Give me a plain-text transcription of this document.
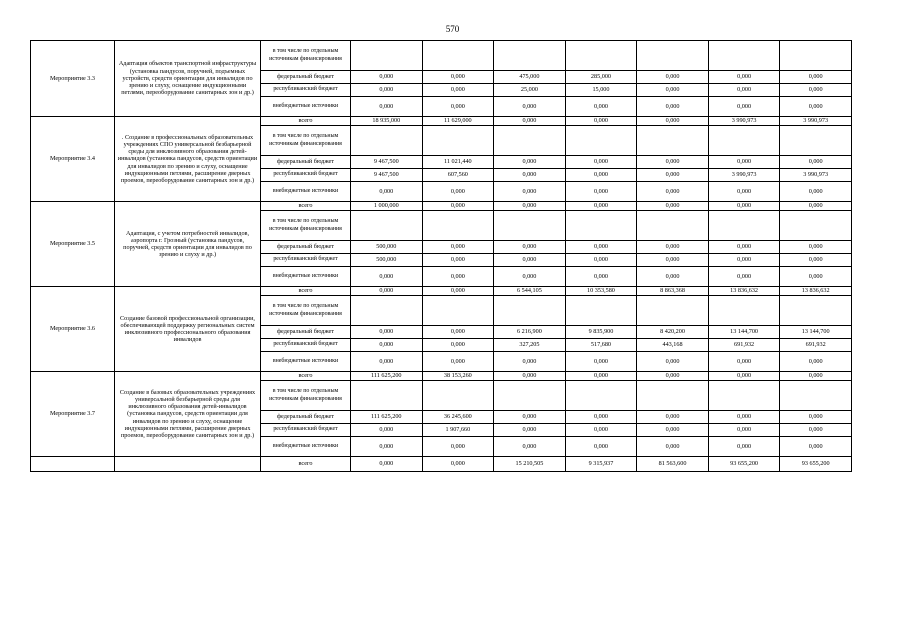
570
Мероприятие 3.3	Адаптация объектов транспортной инфраструктуры (установка пандусов, поручней, подъемных устройств, средств ориентации для инвалидов по зрению и слуху, оснащение индукционными петлями, переоборудование санитарных зон и др.)	в том числе по отдельным источникам финансирования							
		федеральный бюджет	0,000	0,000	475,000	285,000	0,000	0,000	0,000
		республиканский бюджет	0,000	0,000	25,000	15,000	0,000	0,000	0,000
		внебюджетные источники	0,000	0,000	0,000	0,000	0,000	0,000	0,000
Мероприятие 3.4	. Создание в профессиональных образовательных учреждениях СПО универсальной безбарьерной среды для инклюзивного образования детей-инвалидов (установка пандусов, средств ориентации для инвалидов по зрению и слуху, оснащение индукционными петлями, расширение дверных проемов, переоборудование санитарных зон и др.)	всего	18 935,000	11 629,000	0,000	0,000	0,000	3 990,973	3 990,973
		в том числе по отдельным источникам финансирования							
		федеральный бюджет	9 467,500	11 021,440	0,000	0,000	0,000	0,000	0,000
		республиканский бюджет	9 467,500	607,560	0,000	0,000	0,000	3 990,973	3 990,973
		внебюджетные источники	0,000	0,000	0,000	0,000	0,000	0,000	0,000
Мероприятие 3.5	Адаптация, с учетом потребностей инвалидов, аэропорта г. Грозный (установка пандусов, поручней, средств ориентации для инвалидов по зрению и слуху и др.)	всего	1 000,000	0,000	0,000	0,000	0,000	0,000	0,000
		в том числе по отдельным источникам финансирования							
		федеральный бюджет	500,000	0,000	0,000	0,000	0,000	0,000	0,000
		республиканский бюджет	500,000	0,000	0,000	0,000	0,000	0,000	0,000
		внебюджетные источники	0,000	0,000	0,000	0,000	0,000	0,000	0,000
Мероприятие 3.6	Создание базовой профессиональной организации, обеспечивающей поддержку региональных систем инклюзивного профессионального образования инвалидов	всего	0,000	0,000	6 544,105	10 353,580	8 863,368	13 836,632	13 836,632
		в том числе по отдельным источникам финансирования							
		федеральный бюджет	0,000	0,000	6 216,900	9 835,900	8 420,200	13 144,700	13 144,700
		республиканский бюджет	0,000	0,000	327,205	517,680	443,168	691,932	691,932
		внебюджетные источники	0,000	0,000	0,000	0,000	0,000	0,000	0,000
Мероприятие 3.7	Создание в базовых образовательных учреждениях универсальной безбарьерной среды для инклюзивного образования детей-инвалидов (установка пандусов, средств ориентации для инвалидов по зрению и слуху, оснащение индукционными петлями, расширение дверных проемов, переоборудование санитарных зон и др.)	всего	111 625,200	38 153,260	0,000	0,000	0,000	0,000	0,000
		в том числе по отдельным источникам финансирования							
		федеральный бюджет	111 625,200	36 245,600	0,000	0,000	0,000	0,000	0,000
		республиканский бюджет	0,000	1 907,660	0,000	0,000	0,000	0,000	0,000
		внебюджетные источники	0,000	0,000	0,000	0,000	0,000	0,000	0,000
		всего	0,000	0,000	15 210,505	9 315,937	81 563,600	93 655,200	93 655,200
